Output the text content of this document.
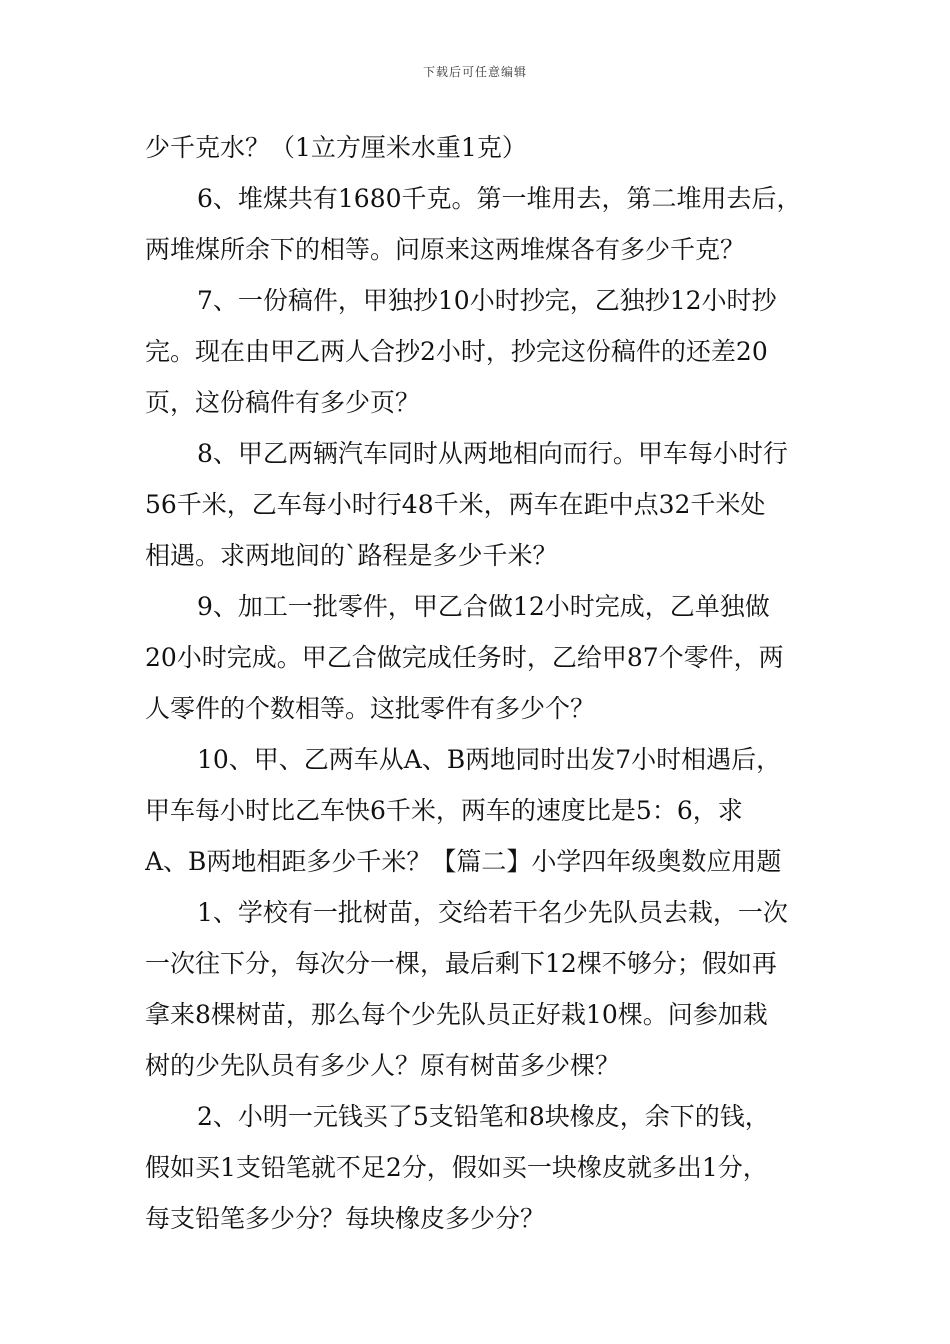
下载后可任意编辑
少千克水？（1立方厘米水重1克）
6、堆煤共有1680千克。第一堆用去，第二堆用去后，
两堆煤所余下的相等。问原来这两堆煤各有多少千克？
7、一份稿件，甲独抄10小时抄完，乙独抄12小时抄
完。现在由甲乙两人合抄2小时，抄完这份稿件的还差20
页，这份稿件有多少页？
8、甲乙两辆汽车同时从两地相向而行。甲车每小时行
56千米，乙车每小时行48千米，两车在距中点32千米处
相遇。求两地间的`路程是多少千米？
9、加工一批零件，甲乙合做12小时完成，乙单独做
20小时完成。甲乙合做完成任务时，乙给甲87个零件，两
人零件的个数相等。这批零件有多少个？
10、甲、乙两车从A、B两地同时出发7小时相遇后，
甲车每小时比乙车快6千米，两车的速度比是5：6，求
A、B两地相距多少千米？【篇二】小学四年级奥数应用题
1、学校有一批树苗，交给若干名少先队员去栽，一次
一次往下分，每次分一棵，最后剩下12棵不够分；假如再
拿来8棵树苗，那么每个少先队员正好栽10棵。问参加栽
树的少先队员有多少人？原有树苗多少棵？
2、小明一元钱买了5支铅笔和8块橡皮，余下的钱，
假如买1支铅笔就不足2分，假如买一块橡皮就多出1分，
每支铅笔多少分？每块橡皮多少分？
